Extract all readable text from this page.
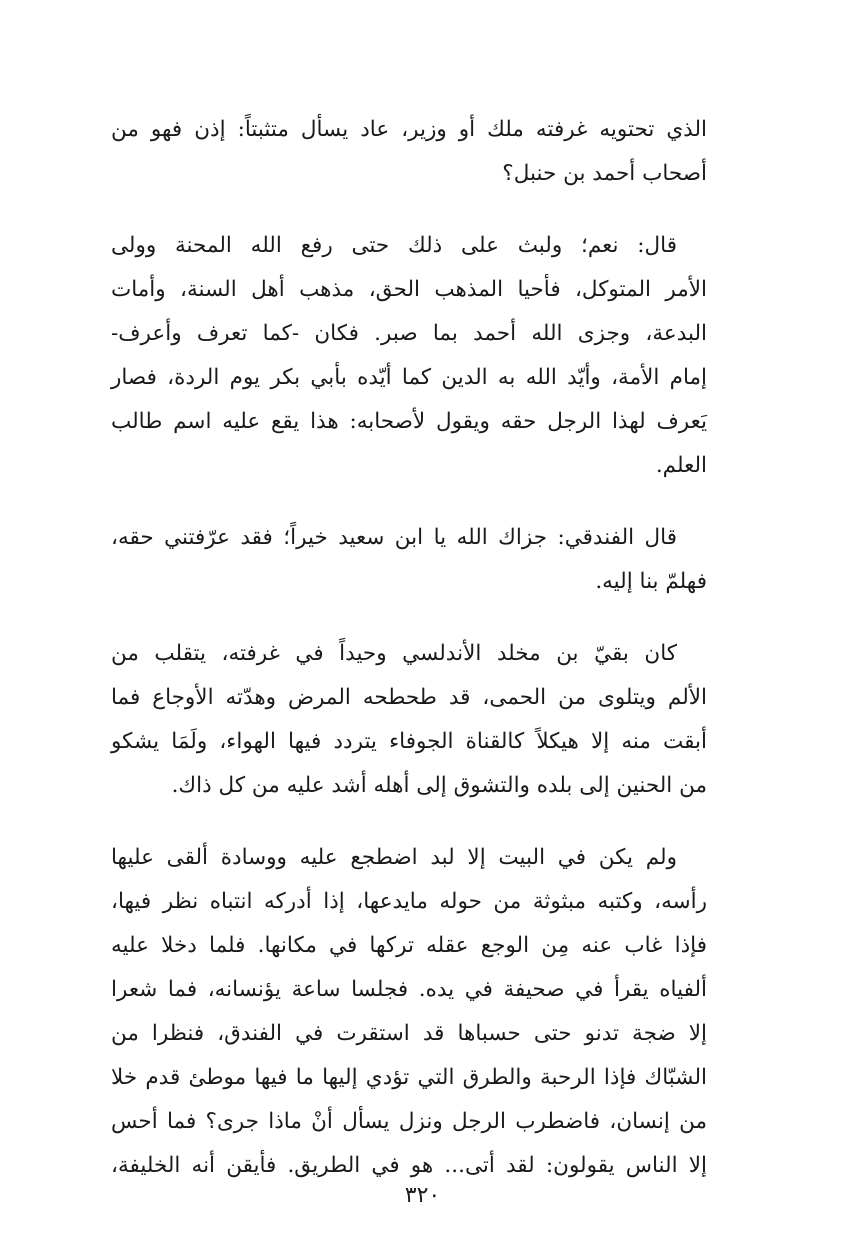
الذي تحتويه غرفته ملك أو وزير، عاد يسأل متثبتاً: إذن فهو من
أصحاب أحمد بن حنبل؟
قال: نعم؛ ولبث على ذلك حتى رفع الله المحنة وولى
الأمر المتوكل، فأحيا المذهب الحق، مذهب أهل السنة، وأمات
البدعة، وجزى الله أحمد بما صبر. فكان -كما تعرف وأعرف-
إمام الأمة، وأيّد الله به الدين كما أيّده بأبي بكر يوم الردة، فصار
يَعرف لهذا الرجل حقه ويقول لأصحابه: هذا يقع عليه اسم طالب
العلم.
قال الفندقي: جزاك الله يا ابن سعيد خيراً؛ فقد عرّفتني حقه،
فهلمّ بنا إليه.
كان بقيّ بن مخلد الأندلسي وحيداً في غرفته، يتقلب من
الألم ويتلوى من الحمى، قد طحطحه المرض وهدّته الأوجاع فما
أبقت منه إلا هيكلاً كالقناة الجوفاء يتردد فيها الهواء، ولَمَا يشكو
من الحنين إلى بلده والتشوق إلى أهله أشد عليه من كل ذاك.
ولم يكن في البيت إلا لبد اضطجع عليه ووسادة ألقى عليها
رأسه، وكتبه مبثوثة من حوله مايدعها، إذا أدركه انتباه نظر فيها،
فإذا غاب عنه مِن الوجع عقله تركها في مكانها. فلما دخلا عليه
ألفياه يقرأ في صحيفة في يده. فجلسا ساعة يؤنسانه، فما شعرا
إلا ضجة تدنو حتى حسباها قد استقرت في الفندق، فنظرا من
الشبّاك فإذا الرحبة والطرق التي تؤدي إليها ما فيها موطئ قدم خلا
من إنسان، فاضطرب الرجل ونزل يسأل أنْ ماذا جرى؟ فما أحس
إلا الناس يقولون: لقد أتى... هو في الطريق. فأيقن أنه الخليفة،
٣٢٠
